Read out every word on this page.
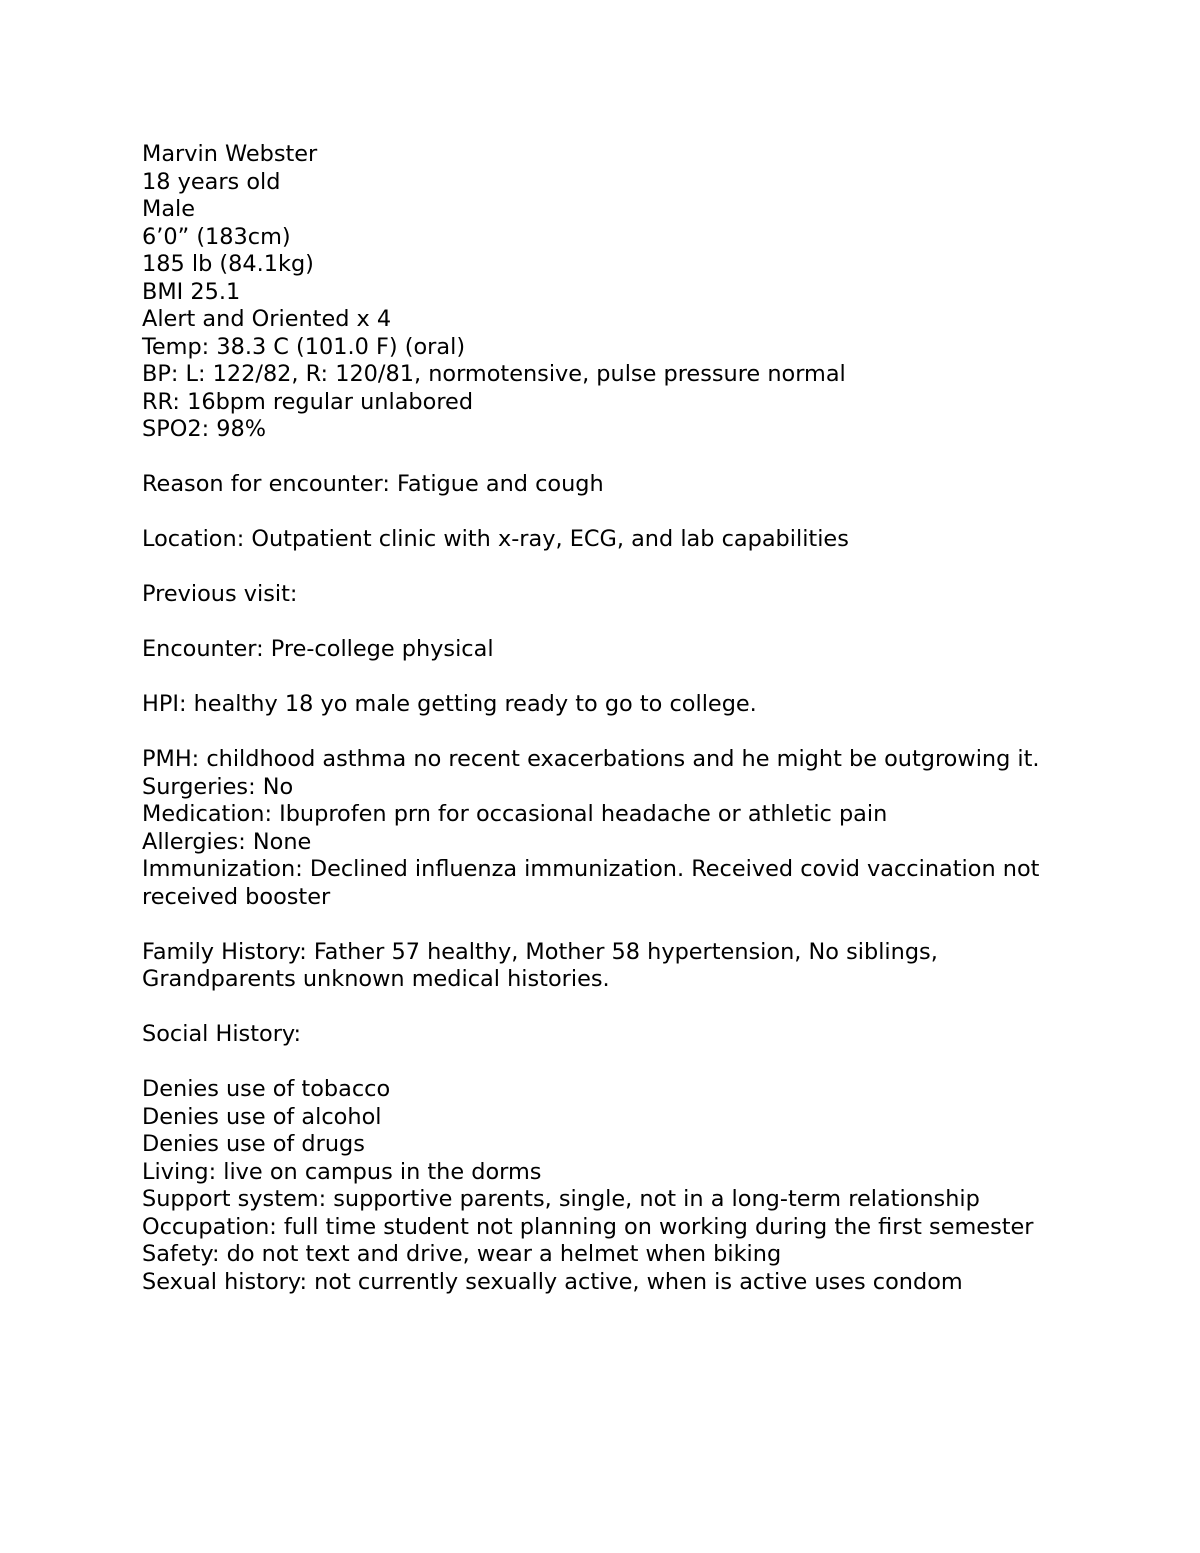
Marvin Webster
18 years old
Male
6’0” (183cm)
185 lb (84.1kg)
BMI 25.1
Alert and Oriented x 4
Temp: 38.3 C (101.0 F) (oral)
BP: L: 122/82, R: 120/81, normotensive, pulse pressure normal
RR: 16bpm regular unlabored
SPO2: 98%
Reason for encounter: Fatigue and cough
Location: Outpatient clinic with x-ray, ECG, and lab capabilities
Previous visit:
Encounter: Pre-college physical
HPI: healthy 18 yo male getting ready to go to college.
PMH: childhood asthma no recent exacerbations and he might be outgrowing it.
Surgeries: No
Medication: Ibuprofen prn for occasional headache or athletic pain
Allergies: None
Immunization: Declined influenza immunization. Received covid vaccination not received booster
Family History: Father 57 healthy, Mother 58 hypertension, No siblings, Grandparents unknown medical histories.
Social History:
Denies use of tobacco
Denies use of alcohol
Denies use of drugs
Living: live on campus in the dorms
Support system: supportive parents, single, not in a long-term relationship
Occupation: full time student not planning on working during the first semester
Safety: do not text and drive, wear a helmet when biking
Sexual history: not currently sexually active, when is active uses condom
